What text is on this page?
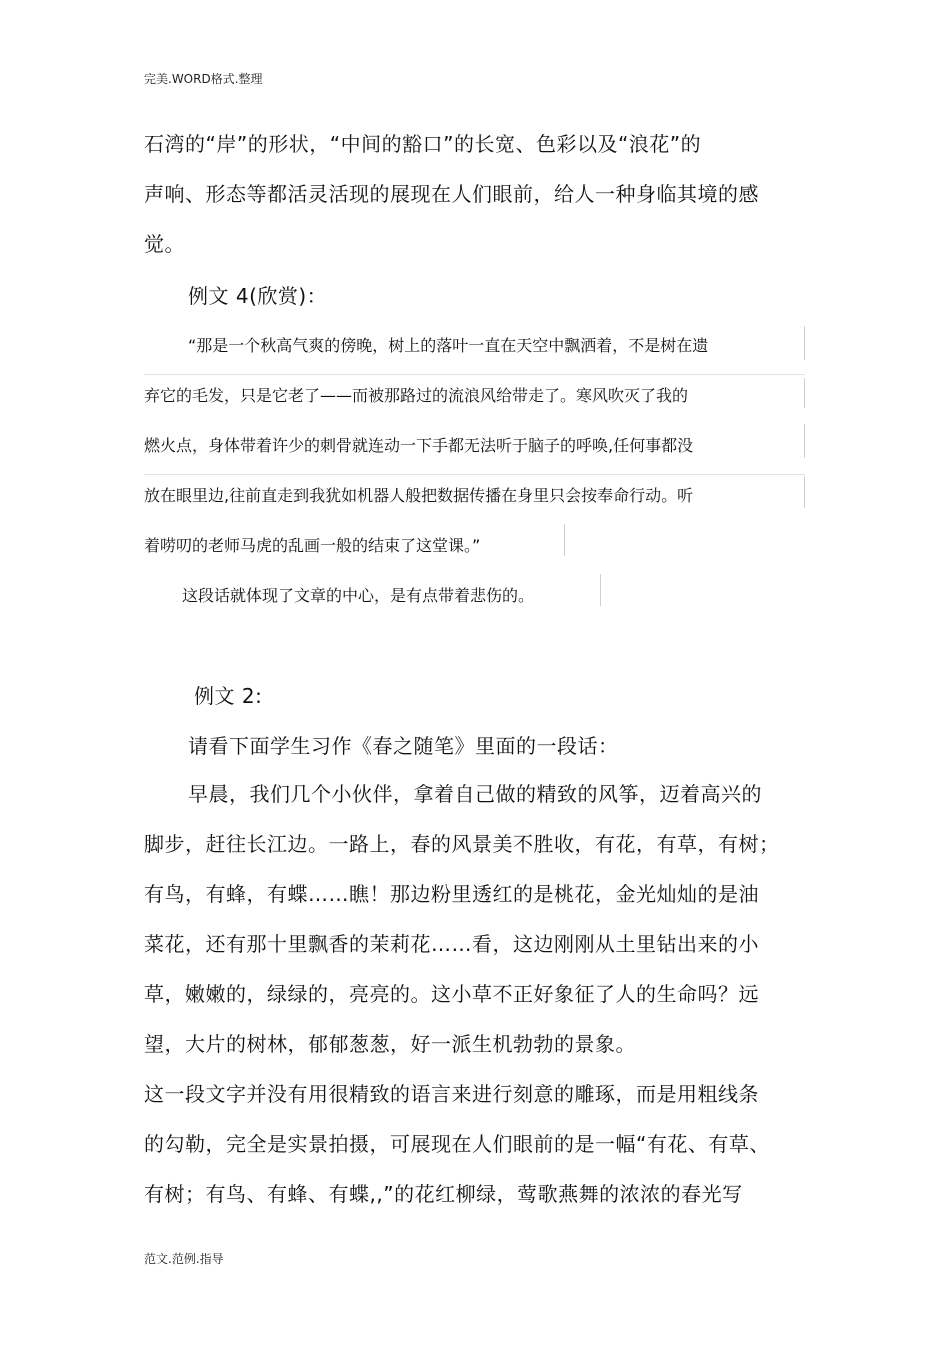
完美.WORD格式.整理
范文.范例.指导
石湾的“岸”的形状，“中间的豁口”的长宽、色彩以及“浪花”的
声响、形态等都活灵活现的展现在人们眼前，给人一种身临其境的感
觉。
例文 4(欣赏)：
“那是一个秋高气爽的傍晚，树上的落叶一直在天空中飘洒着，不是树在遗
弃它的毛发，只是它老了——而被那路过的流浪风给带走了。寒风吹灭了我的
燃火点，身体带着许少的刺骨就连动一下手都无法听于脑子的呼唤,任何事都没
放在眼里边,往前直走到我犹如机器人般把数据传播在身里只会按奉命行动。听
着唠叨的老师马虎的乱画一般的结束了这堂课。”
这段话就体现了文章的中心，是有点带着悲伤的。
例文 2:
请看下面学生习作《春之随笔》里面的一段话：
早晨，我们几个小伙伴，拿着自己做的精致的风筝，迈着高兴的
脚步，赶往长江边。一路上，春的风景美不胜收，有花，有草，有树；
有鸟，有蜂，有蝶……瞧！那边粉里透红的是桃花，金光灿灿的是油
菜花，还有那十里飘香的茉莉花……看，这边刚刚从土里钻出来的小
草，嫩嫩的，绿绿的，亮亮的。这小草不正好象征了人的生命吗？远
望，大片的树林，郁郁葱葱，好一派生机勃勃的景象。
这一段文字并没有用很精致的语言来进行刻意的雕琢，而是用粗线条
的勾勒，完全是实景拍摄，可展现在人们眼前的是一幅“有花、有草、
有树；有鸟、有蜂、有蝶,,”的花红柳绿，莺歌燕舞的浓浓的春光写
